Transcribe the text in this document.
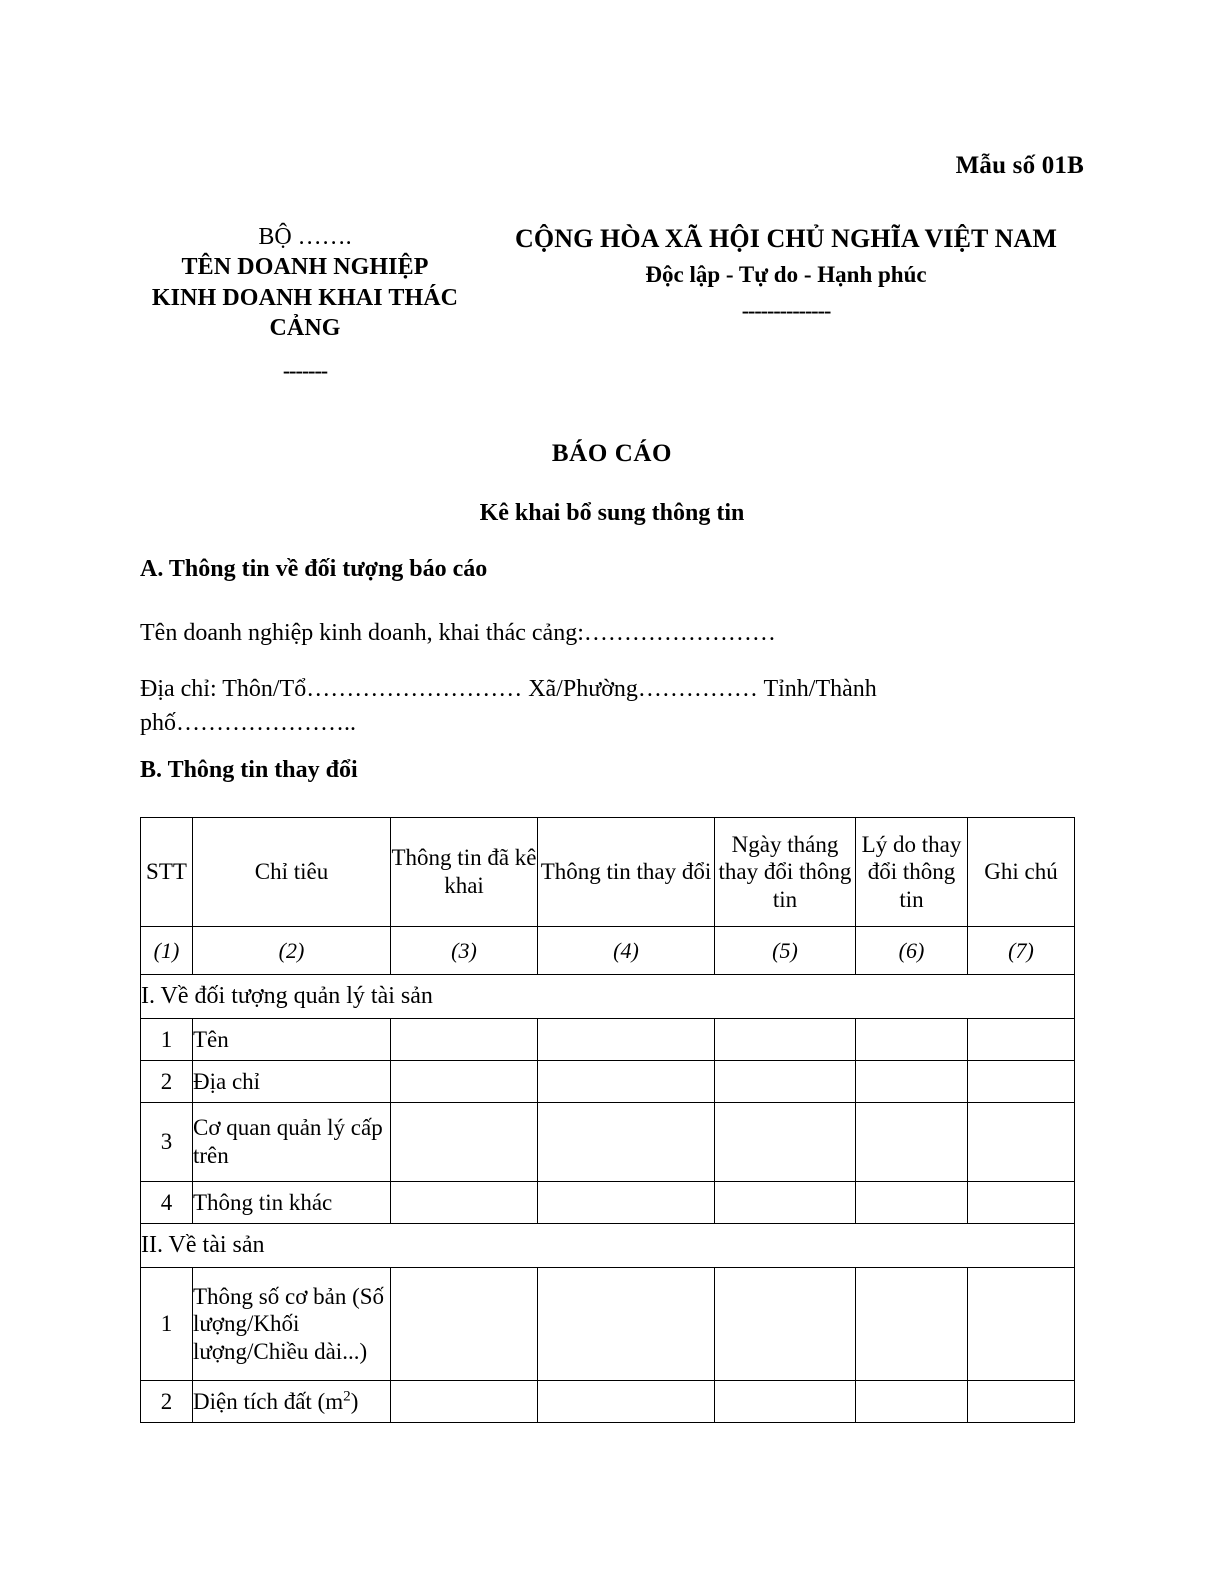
Mẫu số 01B
BỘ …….
TÊN DOANH NGHIỆP
KINH DOANH KHAI THÁC
CẢNG
-------
CỘNG HÒA XÃ HỘI CHỦ NGHĨA VIỆT NAM
Độc lập - Tự do - Hạnh phúc
--------------
BÁO CÁO
Kê khai bổ sung thông tin
A. Thông tin về đối tượng báo cáo
Tên doanh nghiệp kinh doanh, khai thác cảng:……………………
Địa chỉ: Thôn/Tổ……………………… Xã/Phường…………… Tỉnh/Thành phố…………………..
B. Thông tin thay đổi
STT	Chỉ tiêu	Thông tin đã kê khai	Thông tin thay đổi	Ngày tháng thay đổi thông tin	Lý do thay đổi thông tin	Ghi chú
(1)	(2)	(3)	(4)	(5)	(6)	(7)
I. Về đối tượng quản lý tài sản						
1	Tên					
2	Địa chỉ					
3	Cơ quan quản lý cấp trên					
4	Thông tin khác					
II. Về tài sản						
1	Thông số cơ bản (Số lượng/Khối lượng/Chiều dài...)					
2	Diện tích đất $(m^2)$					
